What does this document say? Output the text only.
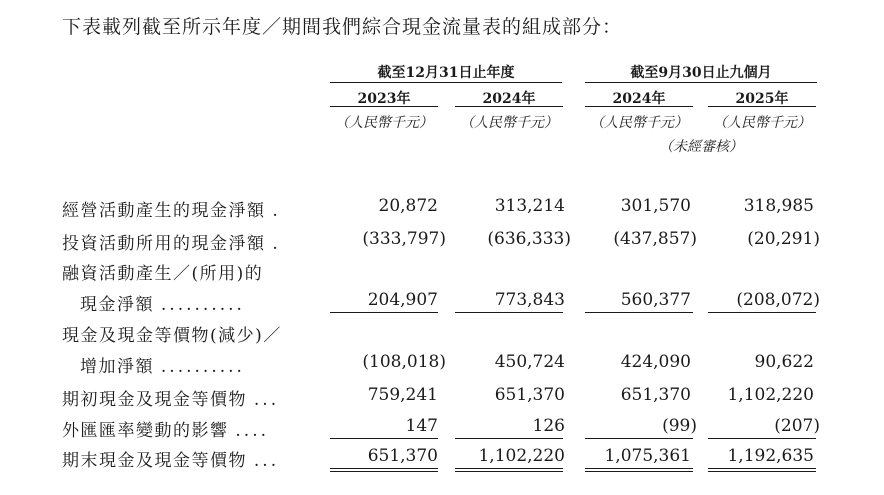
下表載列截至所示年度／期間我們綜合現金流量表的組成部分：
截至12月31日止年度	截至9月30日止九個月
2023年	2024年	2024年	2025年
（人民幣千元）	（人民幣千元）	（人民幣千元）	（人民幣千元）
（未經審核）
經營活動產生的現金淨額 .	20,872	313,214	301,570	318,985
投資活動所用的現金淨額 .	(333,797)	(636,333)	(437,857)	(20,291)
融資活動產生／(所用)的
現金淨額 ..........	204,907	773,843	560,377	(208,072)
現金及現金等價物(減少)／
增加淨額 ..........	(108,018)	450,724	424,090	90,622
期初現金及現金等價物 ...	759,241	651,370	651,370	1,102,220
外匯匯率變動的影響 ....	147	126	(99)	(207)
期末現金及現金等價物 ...	651,370	1,102,220	1,075,361	1,192,635
